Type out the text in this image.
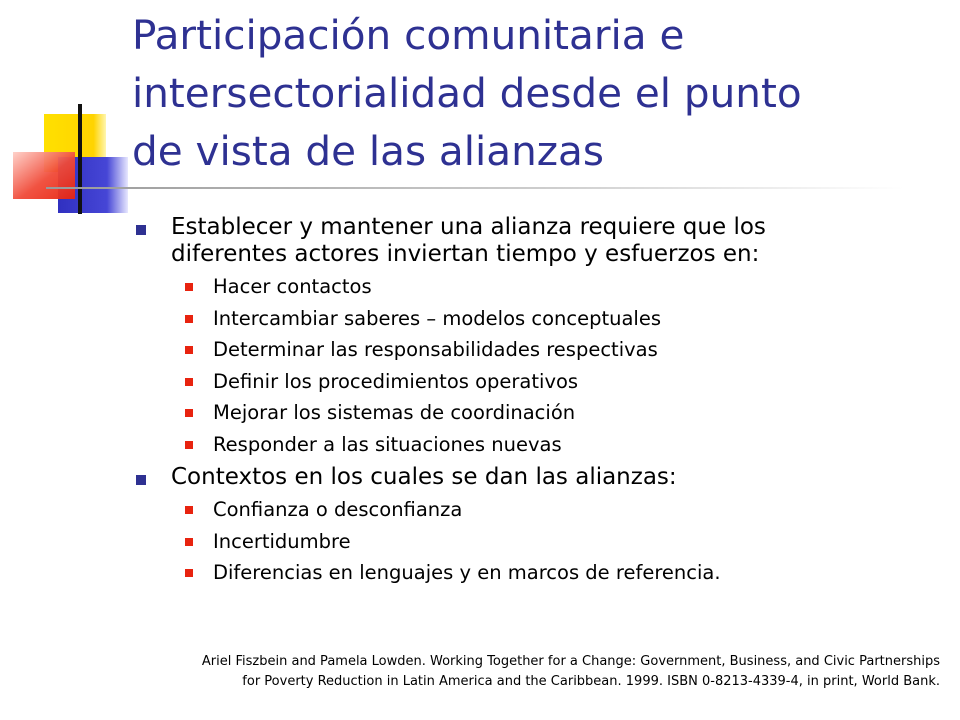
Participación comunitaria e
intersectorialidad desde el punto
de vista de las alianzas
Establecer y mantener una alianza requiere que los
diferentes actores inviertan tiempo y esfuerzos en:
Hacer contactos
Intercambiar saberes – modelos conceptuales
Determinar las responsabilidades respectivas
Definir los procedimientos operativos
Mejorar los sistemas de coordinación
Responder a las situaciones nuevas
Contextos en los cuales se dan las alianzas:
Confianza o desconfianza
Incertidumbre
Diferencias en lenguajes y en marcos de referencia.
Ariel Fiszbein and Pamela Lowden. Working Together for a Change: Government, Business, and Civic Partnerships
for Poverty Reduction in Latin America and the Caribbean. 1999. ISBN 0-8213-4339-4, in print, World Bank.
